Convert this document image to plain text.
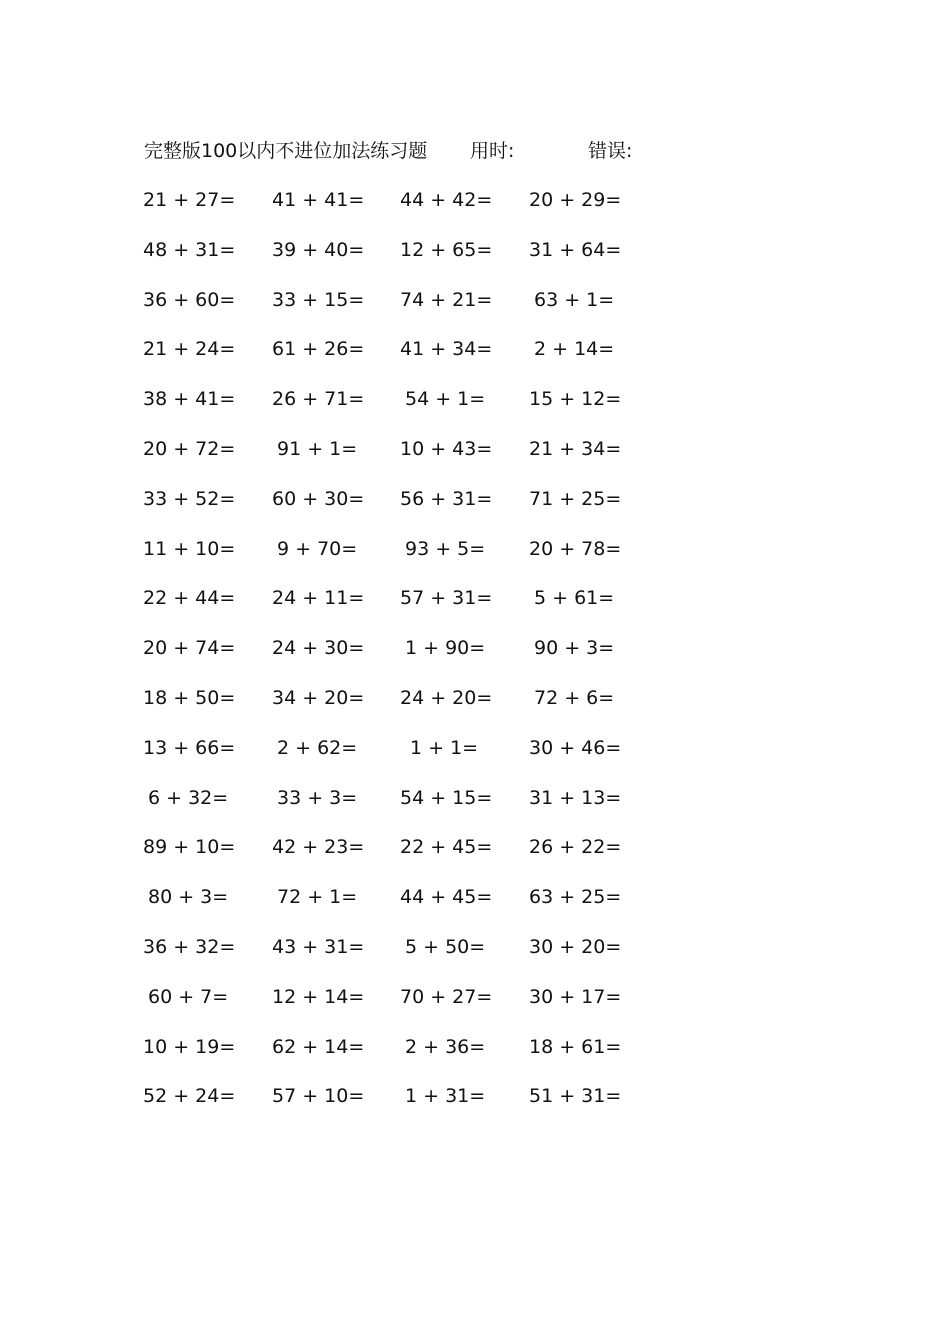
完整版100以内不进位加法练习题 用时:	错误:
21 + 27= 41 + 41= 44 + 42= 20 + 29=
48 + 31= 39 + 40= 12 + 65= 31 + 64=
36 + 60= 33 + 15= 74 + 21= 63 + 1=
21 + 24= 61 + 26= 41 + 34= 2 + 14=
38 + 41= 26 + 71= 54 + 1= 15 + 12=
20 + 72= 91 + 1= 10 + 43= 21 + 34=
33 + 52= 60 + 30= 56 + 31= 71 + 25=
11 + 10= 9 + 70=	93 + 5= 20 + 78=
22 + 44= 24 + 11= 57 + 31= 5 + 61=
20 + 74= 24 + 30= 1 + 90=	90 + 3=
18 + 50= 34 + 20= 24 + 20= 72 + 6=
13 + 66= 2 + 62=	1 + 1=	30 + 46=
6 + 32=	33 + 3= 54 + 15= 31 + 13=
89 + 10= 42 + 23= 22 + 45= 26 + 22=
80 + 3=	72 + 1= 44 + 45= 63 + 25=
36 + 32= 43 + 31= 5 + 50= 30 + 20=
60 + 7= 12 + 14= 70 + 27= 30 + 17=
10 + 19= 62 + 14= 2 + 36= 18 + 61=
52 + 24= 57 + 10= 1 + 31= 51 + 31=
